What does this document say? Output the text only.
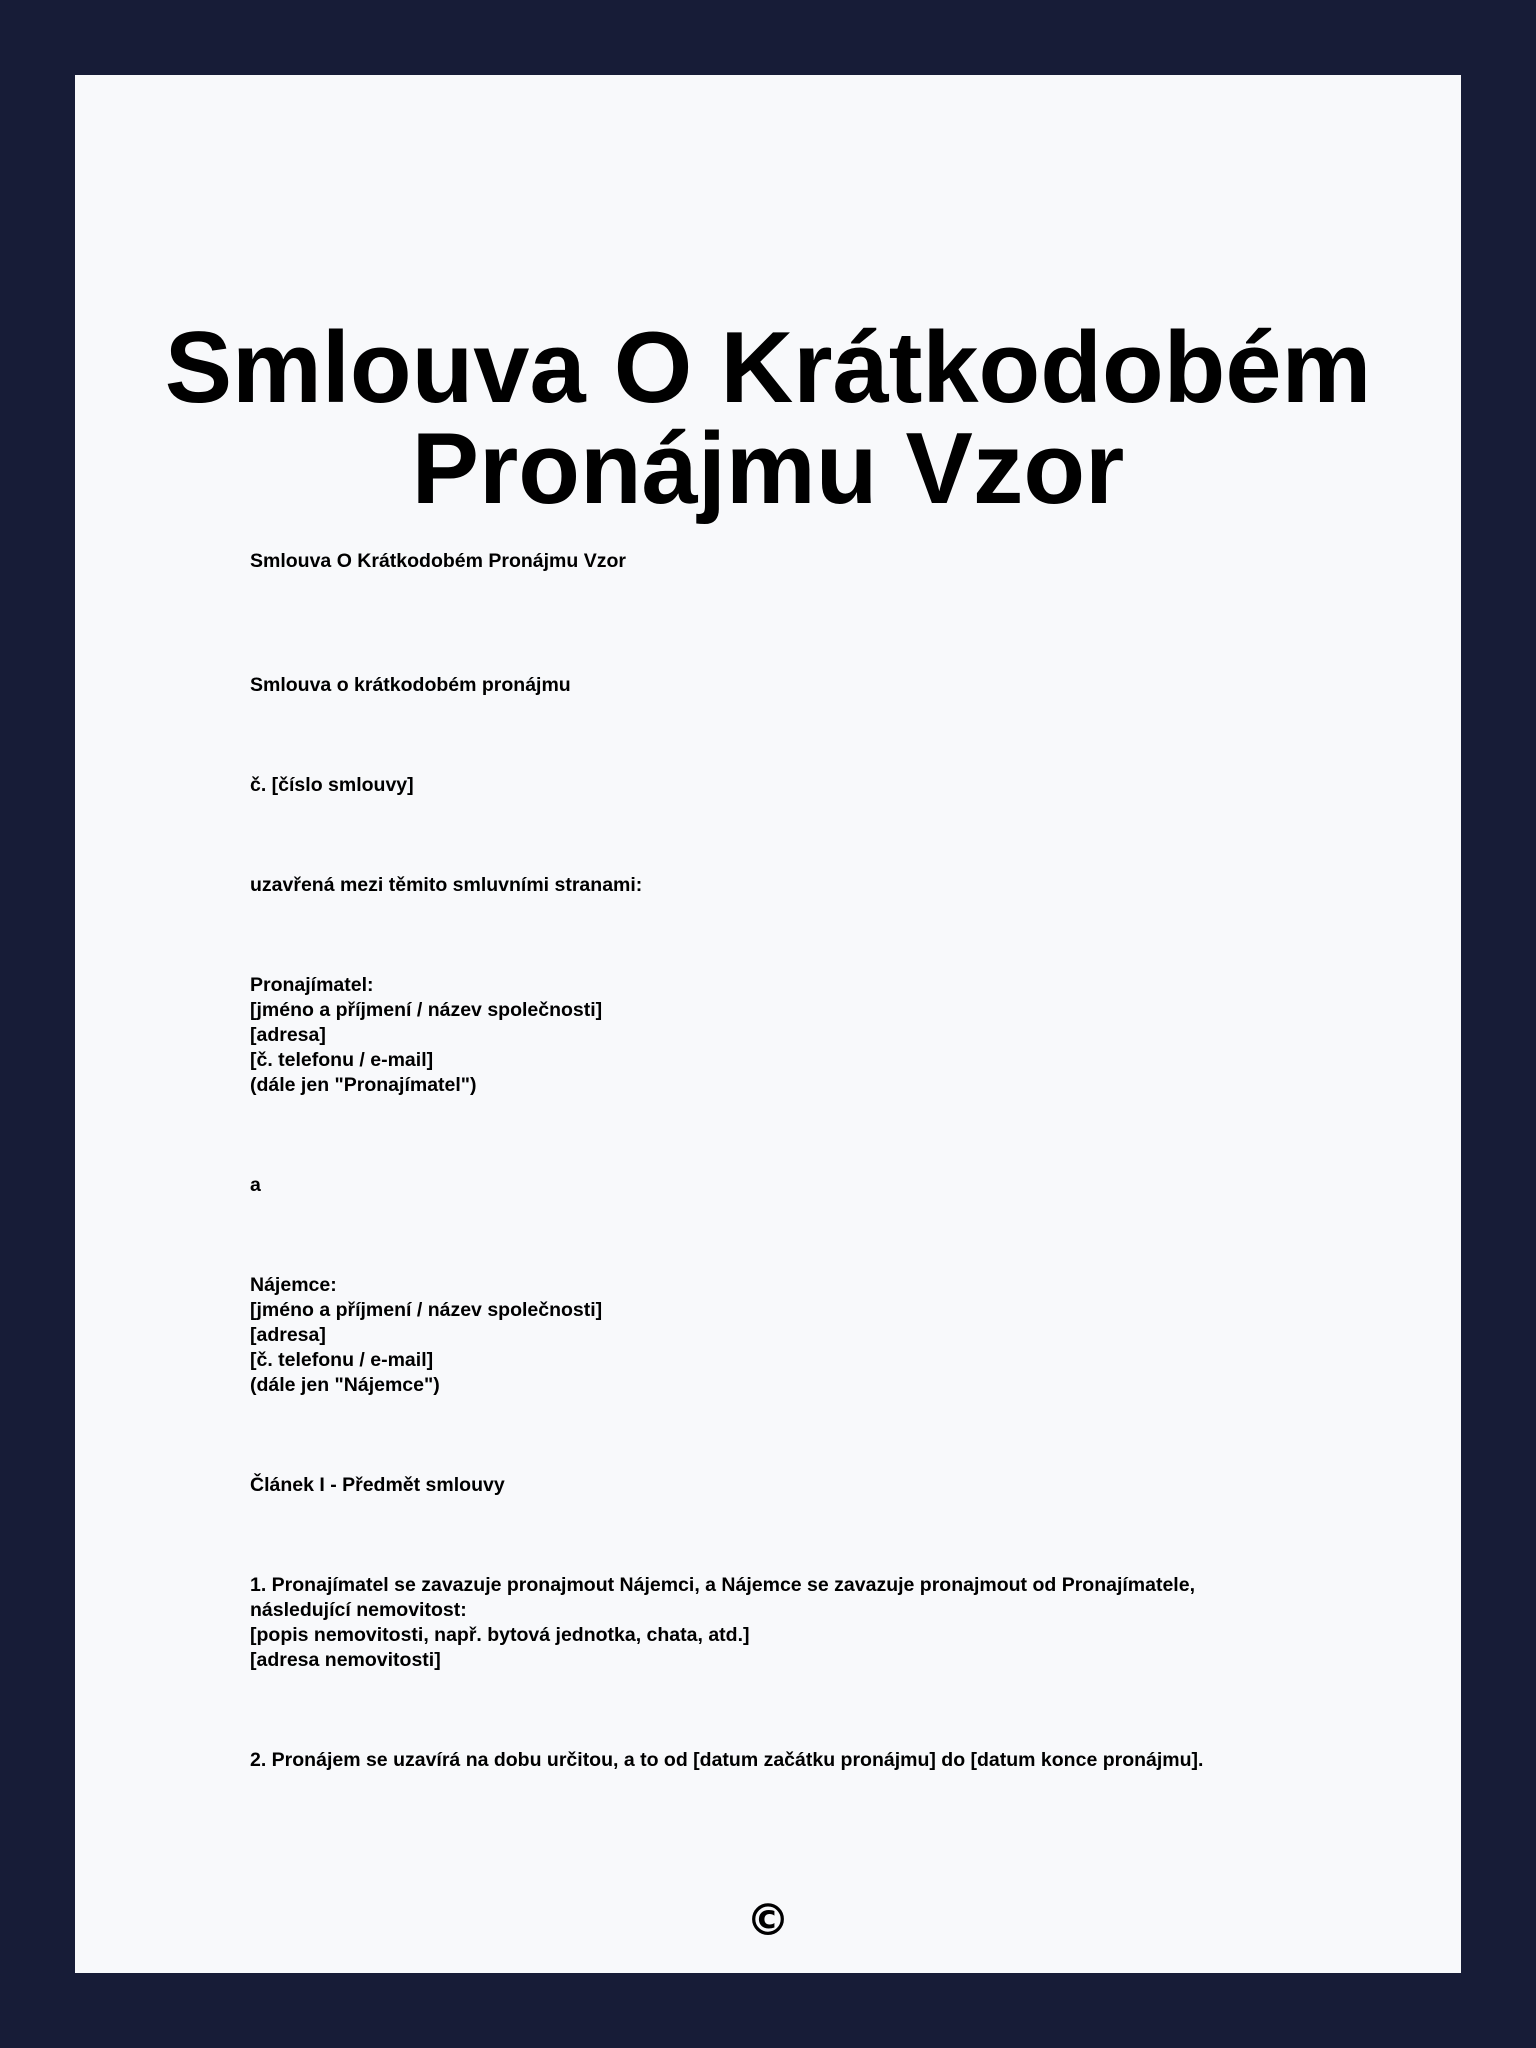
Smlouva O Krátkodobém
Pronájmu Vzor

Smlouva O Krátkodobém Pronájmu Vzor

Smlouva o krátkodobém pronájmu

č. [číslo smlouvy]

uzavřená mezi těmito smluvními stranami:

Pronajímatel:
[jméno a příjmení / název společnosti]
[adresa]
[č. telefonu / e-mail]
(dále jen "Pronajímatel")

a

Nájemce:
[jméno a příjmení / název společnosti]
[adresa]
[č. telefonu / e-mail]
(dále jen "Nájemce")

Článek I - Předmět smlouvy

1. Pronajímatel se zavazuje pronajmout Nájemci, a Nájemce se zavazuje pronajmout od Pronajímatele,
následující nemovitost:
[popis nemovitosti, např. bytová jednotka, chata, atd.]
[adresa nemovitosti]

2. Pronájem se uzavírá na dobu určitou, a to od [datum začátku pronájmu] do [datum konce pronájmu].

©
